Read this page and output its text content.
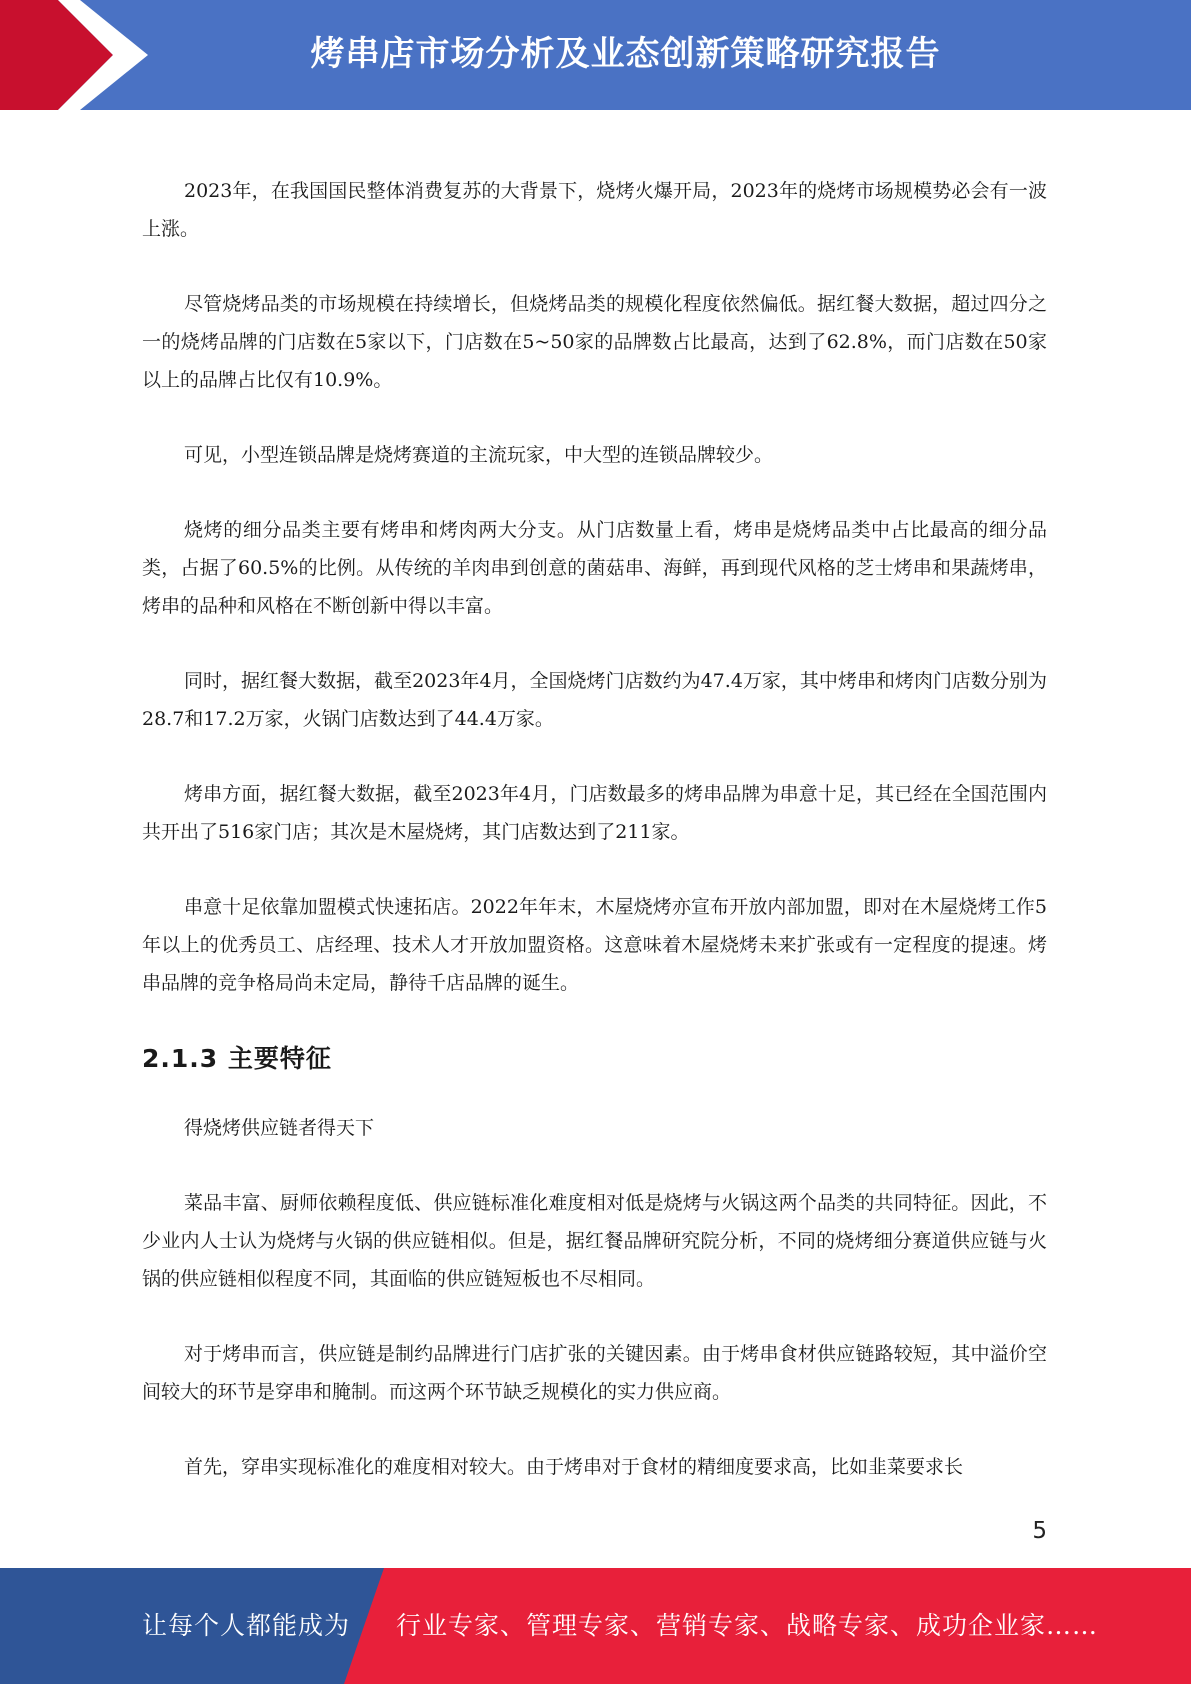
烤串店市场分析及业态创新策略研究报告

2023年，在我国国民整体消费复苏的大背景下，烧烤火爆开局，2023年的烧烤市场规模势必会有一波上涨。

尽管烧烤品类的市场规模在持续增长，但烧烤品类的规模化程度依然偏低。据红餐大数据，超过四分之一的烧烤品牌的门店数在5家以下，门店数在5~50家的品牌数占比最高，达到了62.8%，而门店数在50家以上的品牌占比仅有10.9%。

可见，小型连锁品牌是烧烤赛道的主流玩家，中大型的连锁品牌较少。

烧烤的细分品类主要有烤串和烤肉两大分支。从门店数量上看，烤串是烧烤品类中占比最高的细分品类，占据了60.5%的比例。从传统的羊肉串到创意的菌菇串、海鲜，再到现代风格的芝士烤串和果蔬烤串，烤串的品种和风格在不断创新中得以丰富。

同时，据红餐大数据，截至2023年4月，全国烧烤门店数约为47.4万家，其中烤串和烤肉门店数分别为28.7和17.2万家，火锅门店数达到了44.4万家。

烤串方面，据红餐大数据，截至2023年4月，门店数最多的烤串品牌为串意十足，其已经在全国范围内共开出了516家门店；其次是木屋烧烤，其门店数达到了211家。

串意十足依靠加盟模式快速拓店。2022年年末，木屋烧烤亦宣布开放内部加盟，即对在木屋烧烤工作5年以上的优秀员工、店经理、技术人才开放加盟资格。这意味着木屋烧烤未来扩张或有一定程度的提速。烤串品牌的竞争格局尚未定局，静待千店品牌的诞生。

2.1.3 主要特征

得烧烤供应链者得天下

菜品丰富、厨师依赖程度低、供应链标准化难度相对低是烧烤与火锅这两个品类的共同特征。因此，不少业内人士认为烧烤与火锅的供应链相似。但是，据红餐品牌研究院分析，不同的烧烤细分赛道供应链与火锅的供应链相似程度不同，其面临的供应链短板也不尽相同。

对于烤串而言，供应链是制约品牌进行门店扩张的关键因素。由于烤串食材供应链路较短，其中溢价空间较大的环节是穿串和腌制。而这两个环节缺乏规模化的实力供应商。

首先，穿串实现标准化的难度相对较大。由于烤串对于食材的精细度要求高，比如韭菜要求长

5
让每个人都能成为 行业专家、管理专家、营销专家、战略专家、成功企业家……
